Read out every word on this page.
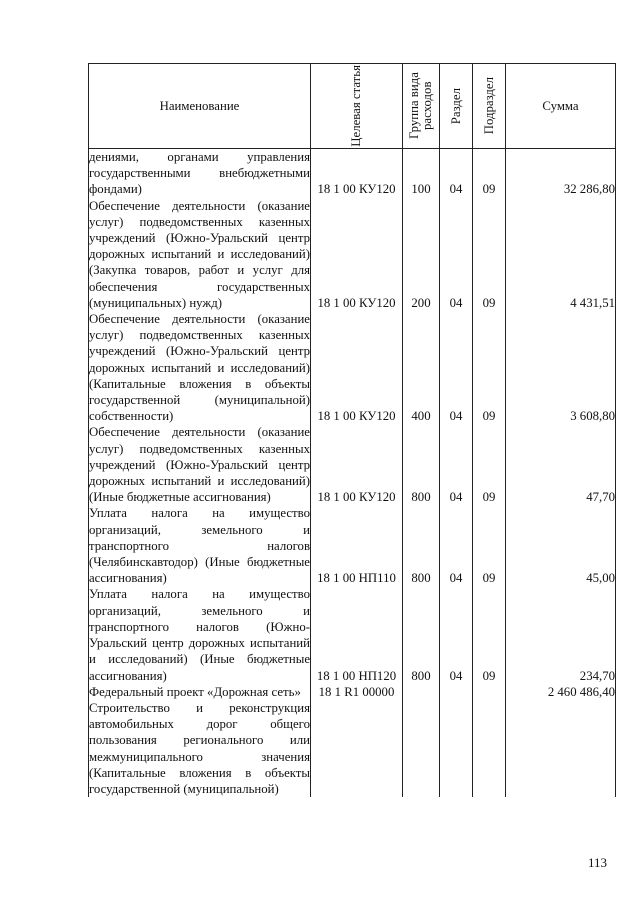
Наименование	Целевая статья	Группа вида расходов	Раздел	Подраздел	Сумма
дениями, органами управления государственными внебюджетными фондами)	18 1 00 КУ120	100	04	09	32 286,80
Обеспечение деятельности (оказание услуг) подведомственных казенных учреждений (Южно-Уральский центр дорожных испытаний и исследований) (Закупка товаров, работ и услуг для обеспечения государственных (муниципальных) нужд)	18 1 00 КУ120	200	04	09	4 431,51
Обеспечение деятельности (оказание услуг) подведомственных казенных учреждений (Южно-Уральский центр дорожных испытаний и исследований) (Капитальные вложения в объекты государственной (муниципальной) собственности)	18 1 00 КУ120	400	04	09	3 608,80
Обеспечение деятельности (оказание услуг) подведомственных казенных учреждений (Южно-Уральский центр дорожных испытаний и исследований) (Иные бюджетные ассигнования)	18 1 00 КУ120	800	04	09	47,70
Уплата налога на имущество организаций, земельного и транспортного налогов (Челябинскавтодор) (Иные бюджетные ассигнования)	18 1 00 НП110	800	04	09	45,00
Уплата налога на имущество организаций, земельного и транспортного налогов (Южно-Уральский центр дорожных испытаний и исследований) (Иные бюджетные ассигнования)	18 1 00 НП120	800	04	09	234,70
Федеральный проект «Дорожная сеть»	18 1 R1 00000				2 460 486,40
Строительство и реконструкция автомобильных дорог общего пользования регионального или межмуниципального значения (Капитальные вложения в объекты государственной (муниципальной)					
113
